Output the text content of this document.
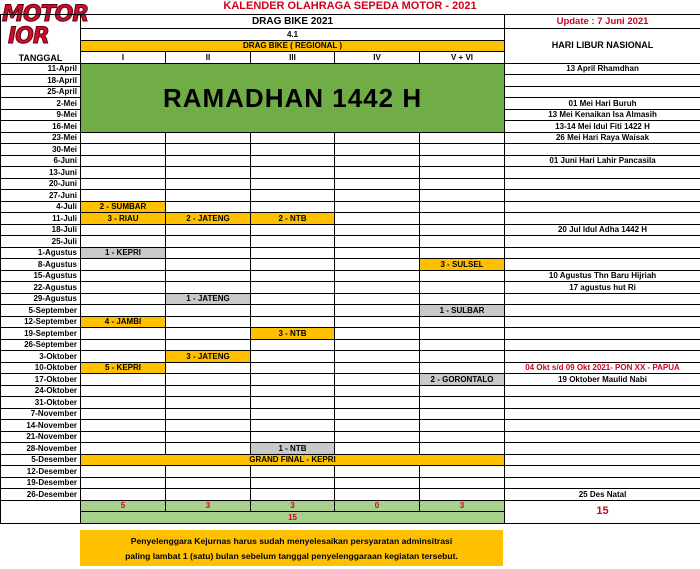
KALENDER OLAHRAGA SEPEDA MOTOR - 2021
MOTOR
IOR
TANGGAL	DRAG BIKE 2021					Update : 7 Juni 2021
	4.1					HARI LIBUR NASIONAL
	DRAG BIKE ( REGIONAL )					
	I	II	III	IV	V + VI	
11-April	RAMADHAN 1442 H					13 April Rhamdhan
18-April						
25-April						
2-Mei						01 Mei Hari Buruh
9-Mei						13 Mei Kenaikan Isa Almasih
16-Mei						13-14 Mei Idul Fiti 1422 H
23-Mei						26 Mei Hari Raya Waisak
30-Mei						
6-Juni						01 Juni Hari Lahir Pancasila
13-Juni						
20-Juni						
27-Juni						
4-Juli	2 - SUMBAR					
11-Juli	3 - RIAU	2 - JATENG	2 - NTB			
18-Juli						20 Jul Idul Adha 1442 H
25-Juli						
1-Agustus	1 - KEPRI					
8-Agustus					3 - SULSEL	
15-Agustus						10 Agustus Thn Baru Hijriah
22-Agustus						17 agustus hut Ri
29-Agustus		1 - JATENG				
5-September					1 - SULBAR	
12-September	4 - JAMBI					
19-September			3 - NTB			
26-September						
3-Oktober		3 - JATENG				
10-Oktober	5 - KEPRI					04 Okt s/d 09 Okt 2021- PON XX - PAPUA
17-Oktober					2 - GORONTALO	19 Oktober Maulid Nabi
24-Oktober						
31-Oktober						
7-November						
14-November						
21-November						
28-November			1 - NTB			
5-Desember	GRAND FINAL - KEPRI					
12-Desember						
19-Desember						
26-Desember						25 Des Natal
	5	3	3	0	3	15
	15					
Penyelenggara Kejurnas harus sudah menyelesaikan persyaratan adminsitrasi
paling lambat 1 (satu) bulan sebelum tanggal penyelenggaraan kegiatan tersebut.
